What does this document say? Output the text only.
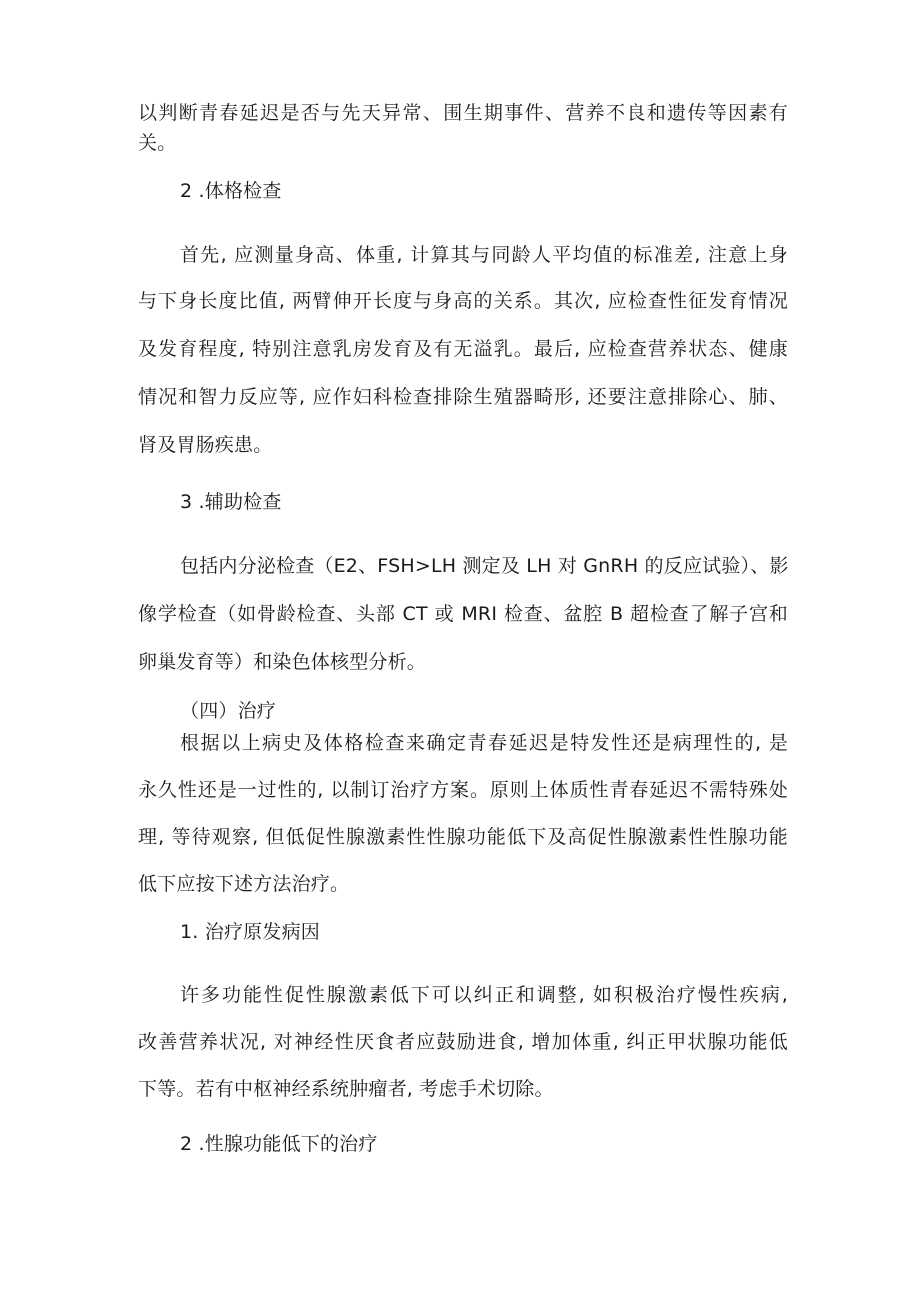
以判断青春延迟是否与先天异常、围生期事件、营养不良和遗传等因素有
关。
2 .体格检查
首先, 应测量身高、体重, 计算其与同龄人平均值的标准差, 注意上身
与下身长度比值, 两臂伸开长度与身高的关系。其次, 应检查性征发育情况
及发育程度, 特别注意乳房发育及有无溢乳。最后, 应检查营养状态、健康
情况和智力反应等, 应作妇科检查排除生殖器畸形, 还要注意排除心、肺、
肾及胃肠疾患。
3 .辅助检查
包括内分泌检查（E2、FSH>LH 测定及 LH 对 GnRH 的反应试验）、影
像学检查（如骨龄检查、头部 CT 或 MRI 检查、盆腔 B 超检查了解子宫和
卵巢发育等）和染色体核型分析。
（四）治疗
根据以上病史及体格检查来确定青春延迟是特发性还是病理性的, 是
永久性还是一过性的, 以制订治疗方案。原则上体质性青春延迟不需特殊处
理, 等待观察, 但低促性腺激素性性腺功能低下及高促性腺激素性性腺功能
低下应按下述方法治疗。
1. 治疗原发病因
许多功能性促性腺激素低下可以纠正和调整, 如积极治疗慢性疾病,
改善营养状况, 对神经性厌食者应鼓励进食, 增加体重, 纠正甲状腺功能低
下等。若有中枢神经系统肿瘤者, 考虑手术切除。
2 .性腺功能低下的治疗
